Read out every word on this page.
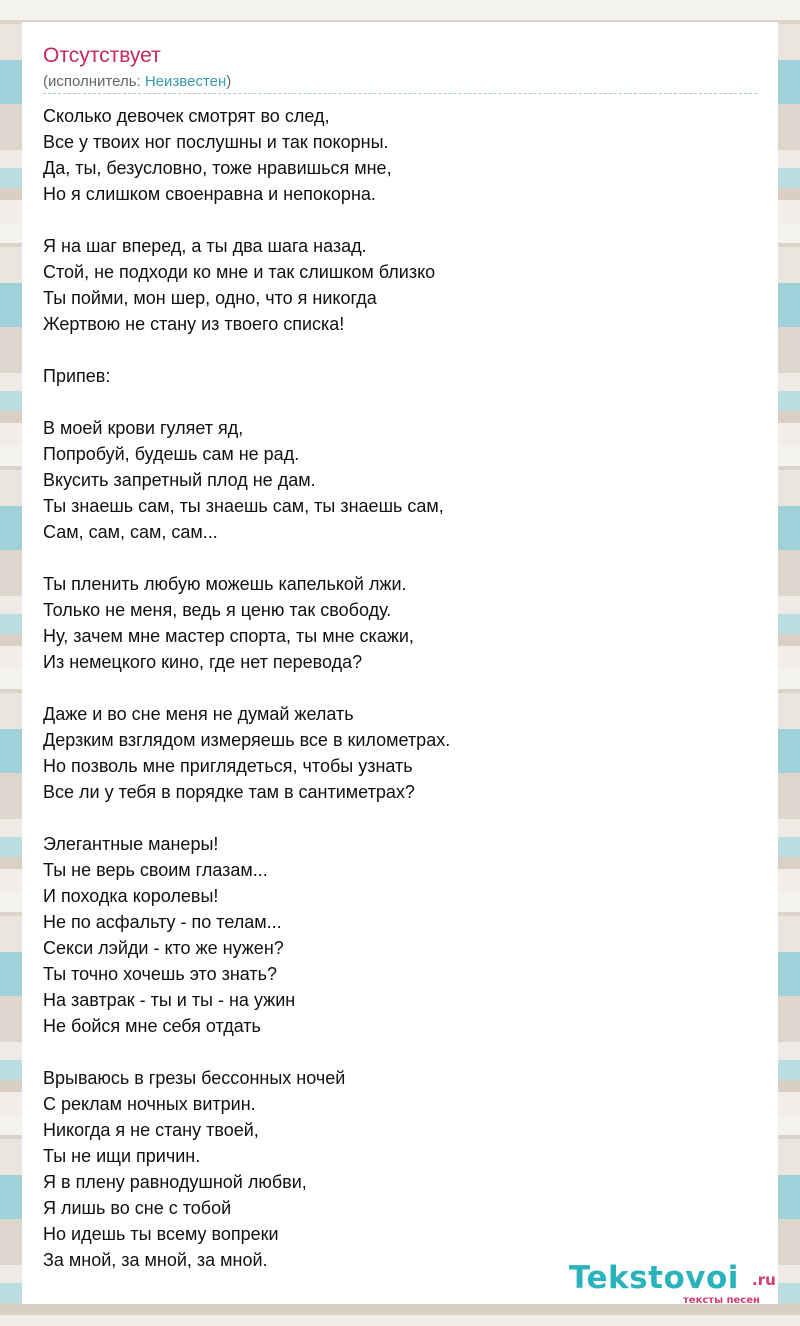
Отсутствует
(исполнитель: Неизвестен)
Сколько девочек смотрят во след,
Все у твоих ног послушны и так покорны.
Да, ты, безусловно, тоже нравишься мне,
Но я слишком своенравна и непокорна.
Я на шаг вперед, а ты два шага назад.
Стой, не подходи ко мне и так слишком близко
Ты пойми, мон шер, одно, что я никогда
Жертвою не стану из твоего списка!
Припев:
В моей крови гуляет яд,
Попробуй, будешь сам не рад.
Вкусить запретный плод не дам.
Ты знаешь сам, ты знаешь сам, ты знаешь сам,
Сам, сам, сам, сам...
Ты пленить любую можешь капелькой лжи.
Только не меня, ведь я ценю так свободу.
Ну, зачем мне мастер спорта, ты мне скажи,
Из немецкого кино, где нет перевода?
Даже и во сне меня не думай желать
Дерзким взглядом измеряешь все в километрах.
Но позволь мне приглядеться, чтобы узнать
Все ли у тебя в порядке там в сантиметрах?
Элегантные манеры!
Ты не верь своим глазам...
И походка королевы!
Не по асфальту - по телам...
Секси лэйди - кто же нужен?
Ты точно хочешь это знать?
На завтрак - ты и ты - на ужин
Не бойся мне себя отдать
Врываюсь в грезы бессонных ночей
С реклам ночных витрин.
Никогда я не стану твоей,
Ты не ищи причин.
Я в плену равнодушной любви,
Я лишь во сне с тобой
Но идешь ты всему вопреки
За мной, за мной, за мной.	Tekstovoi .ru
тексты песен
